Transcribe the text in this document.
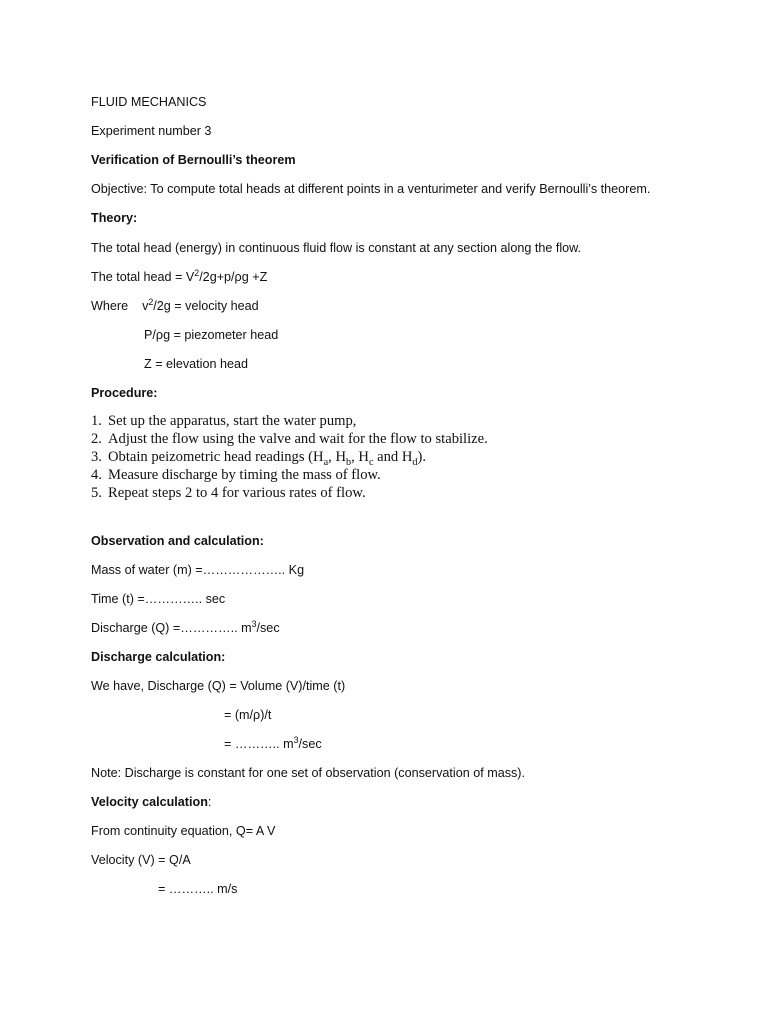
FLUID MECHANICS

Experiment number 3

Verification of Bernoulli’s theorem

Objective: To compute total heads at different points in a venturimeter and verify Bernoulli’s theorem.

Theory:

The total head (energy) in continuous fluid flow is constant at any section along the flow.

The total head = $V^2/2g+p/\rho g +Z$

Where    $v^2/2g$ = velocity head

P/ρg = piezometer head

Z = elevation head

Procedure:

1. Set up the apparatus, start the water pump,
2. Adjust the flow using the valve and wait for the flow to stabilize.
3. Obtain peizometric head readings ($H_a$, $H_b$, $H_c$ and $H_d$).
4. Measure discharge by timing the mass of flow.
5. Repeat steps 2 to 4 for various rates of flow.

Observation and calculation:

Mass of water (m) =……………….. Kg

Time (t) =………….. sec

Discharge (Q) =………….. $m^3/\sec$

Discharge calculation:

We have, Discharge (Q) = Volume (V)/time (t)

= (m/ρ)/t

= ……….. $m^3/\sec$

Note: Discharge is constant for one set of observation (conservation of mass).

Velocity calculation:

From continuity equation, Q= A V

Velocity (V) = Q/A

= ……….. m/s
